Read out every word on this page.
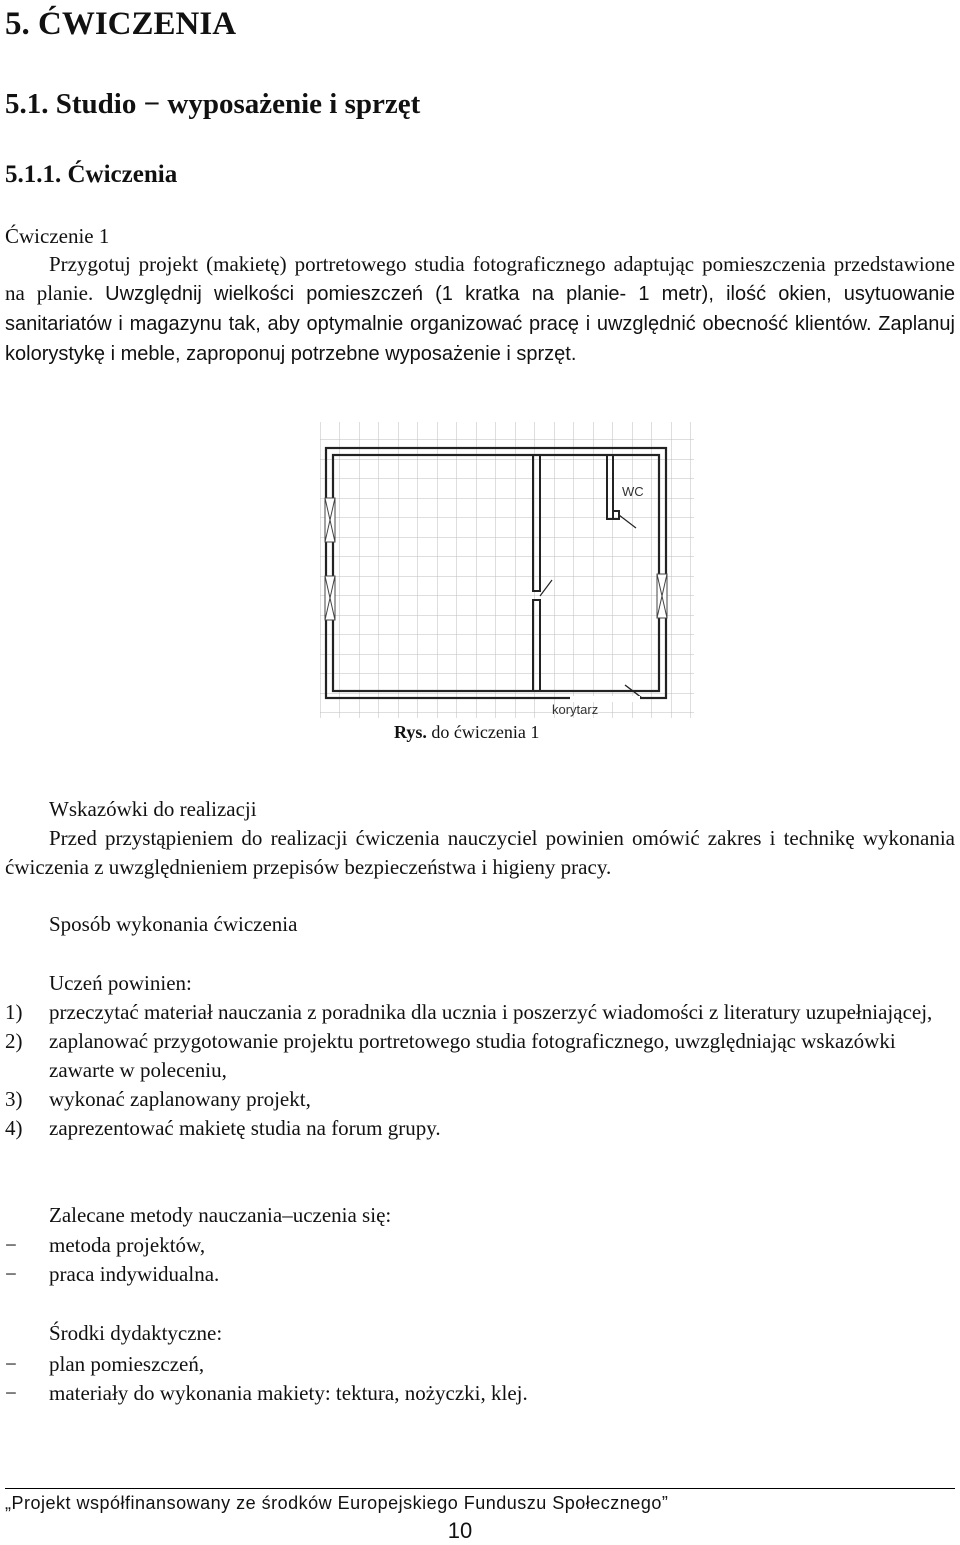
5. ĆWICZENIA
5.1. Studio − wyposażenie i sprzęt
5.1.1. Ćwiczenia
Ćwiczenie 1
Przygotuj projekt (makietę) portretowego studia fotograficznego adaptując pomieszczenia przedstawione na planie. Uwzględnij wielkości pomieszczeń (1 kratka na planie- 1 metr), ilość okien, usytuowanie sanitariatów i magazynu tak, aby optymalnie organizować pracę i uwzględnić obecność klientów. Zaplanuj kolorystykę i meble, zaproponuj potrzebne wyposażenie i sprzęt.
WC
korytarz
Rys. do ćwiczenia 1
Wskazówki do realizacji
Przed przystąpieniem do realizacji ćwiczenia nauczyciel powinien omówić zakres i technikę wykonania ćwiczenia z uwzględnieniem przepisów bezpieczeństwa i higieny pracy.
Sposób wykonania ćwiczenia
Uczeń powinien:
1) przeczytać materiał nauczania z poradnika dla ucznia i poszerzyć wiadomości z literatury uzupełniającej,
2) zaplanować przygotowanie projektu portretowego studia fotograficznego, uwzględniając wskazówki zawarte w poleceniu,
3) wykonać zaplanowany projekt,
4) zaprezentować makietę studia na forum grupy.
Zalecane metody nauczania–uczenia się:
− metoda projektów,
− praca indywidualna.
Środki dydaktyczne:
− plan pomieszczeń,
− materiały do wykonania makiety: tektura, nożyczki, klej.
„Projekt współfinansowany ze środków Europejskiego Funduszu Społecznego”
10
